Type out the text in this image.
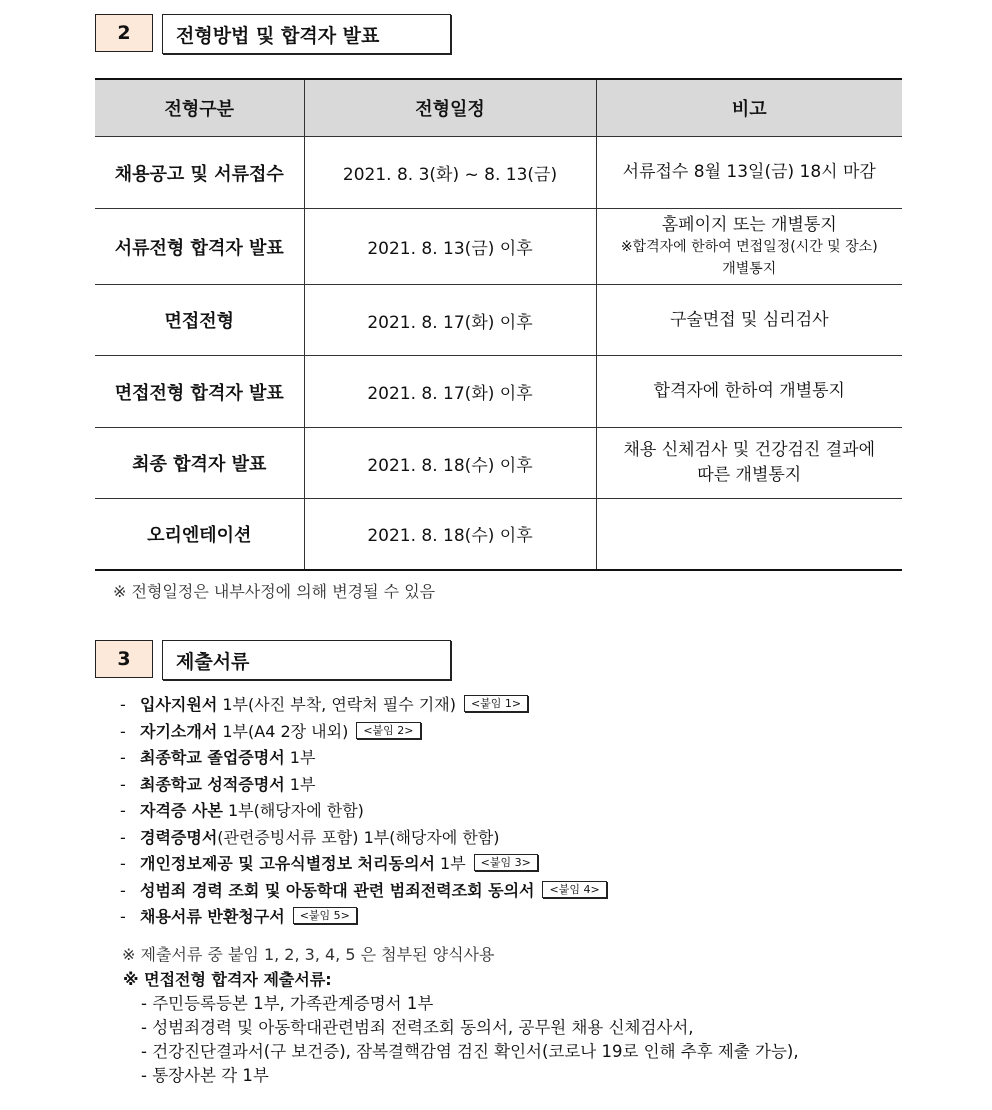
2	전형방법 및 합격자 발표
전형구분	전형일정	비고
채용공고 및 서류접수	2021. 8. 3(화) ~ 8. 13(금)	서류접수 8월 13일(금) 18시 마감

서류전형 합격자 발표	2021. 8. 13(금) 이후	홈페이지 또는 개별통지
※합격자에 한하여 면접일정(시간 및 장소)
개별통지

면접전형	2021. 8. 17(화) 이후	구술면접 및 심리검사

면접전형 합격자 발표	2021. 8. 17(화) 이후	합격자에 한하여 개별통지

최종 합격자 발표	2021. 8. 18(수) 이후	채용 신체검사 및 건강검진 결과에
따른 개별통지

오리엔테이션	2021. 8. 18(수) 이후	
※ 전형일정은 내부사정에 의해 변경될 수 있음
3	제출서류
- 입사지원서 1부(사진 부착, 연락처 필수 기재) <붙임 1>
- 자기소개서 1부(A4 2장 내외) <붙임 2>
- 최종학교 졸업증명서 1부
- 최종학교 성적증명서 1부
- 자격증 사본 1부(해당자에 한함)
- 경력증명서(관련증빙서류 포함) 1부(해당자에 한함)
- 개인정보제공 및 고유식별정보 처리동의서 1부 <붙임 3>
- 성범죄 경력 조회 및 아동학대 관련 범죄전력조회 동의서 <붙임 4>
- 채용서류 반환청구서 <붙임 5>
※ 제출서류 중 붙임 1, 2, 3, 4, 5 은 첨부된 양식사용
※ 면접전형 합격자 제출서류:
- 주민등록등본 1부, 가족관계증명서 1부
- 성범죄경력 및 아동학대관련범죄 전력조회 동의서, 공무원 채용 신체검사서,
- 건강진단결과서(구 보건증), 잠복결핵감염 검진 확인서(코로나 19로 인해 추후 제출 가능),
- 통장사본 각 1부
